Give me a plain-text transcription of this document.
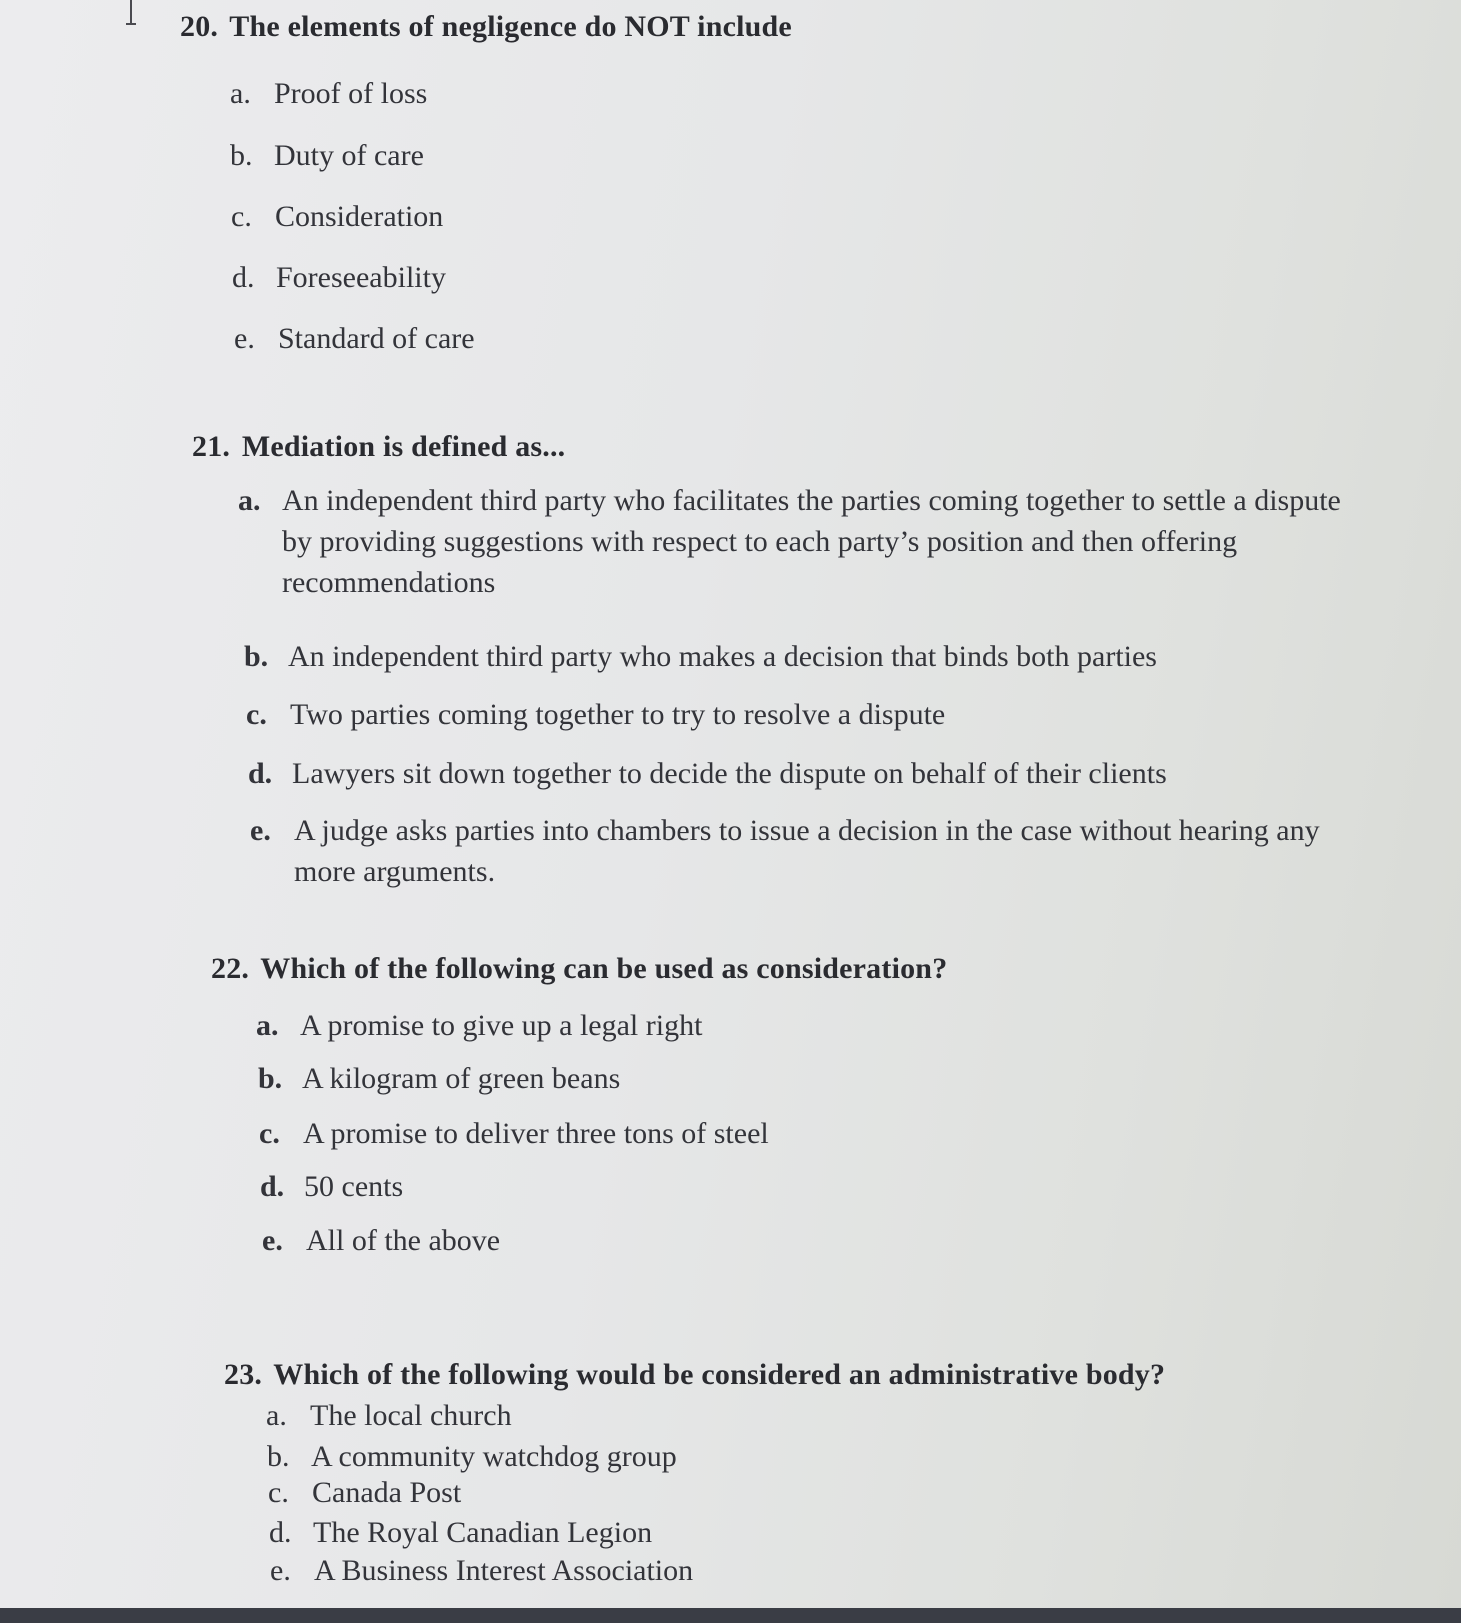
20. The elements of negligence do NOT include
a. Proof of loss
b. Duty of care
c. Consideration
d. Foreseeability
e. Standard of care
21. Mediation is defined as...
a. An independent third party who facilitates the parties coming together to settle a dispute
by providing suggestions with respect to each party’s position and then offering
recommendations
b. An independent third party who makes a decision that binds both parties
c. Two parties coming together to try to resolve a dispute
d. Lawyers sit down together to decide the dispute on behalf of their clients
e. A judge asks parties into chambers to issue a decision in the case without hearing any
more arguments.
22. Which of the following can be used as consideration?
a. A promise to give up a legal right
b. A kilogram of green beans
c. A promise to deliver three tons of steel
d. 50 cents
e. All of the above
23. Which of the following would be considered an administrative body?
a. The local church
b. A community watchdog group
c. Canada Post
d. The Royal Canadian Legion
e. A Business Interest Association
